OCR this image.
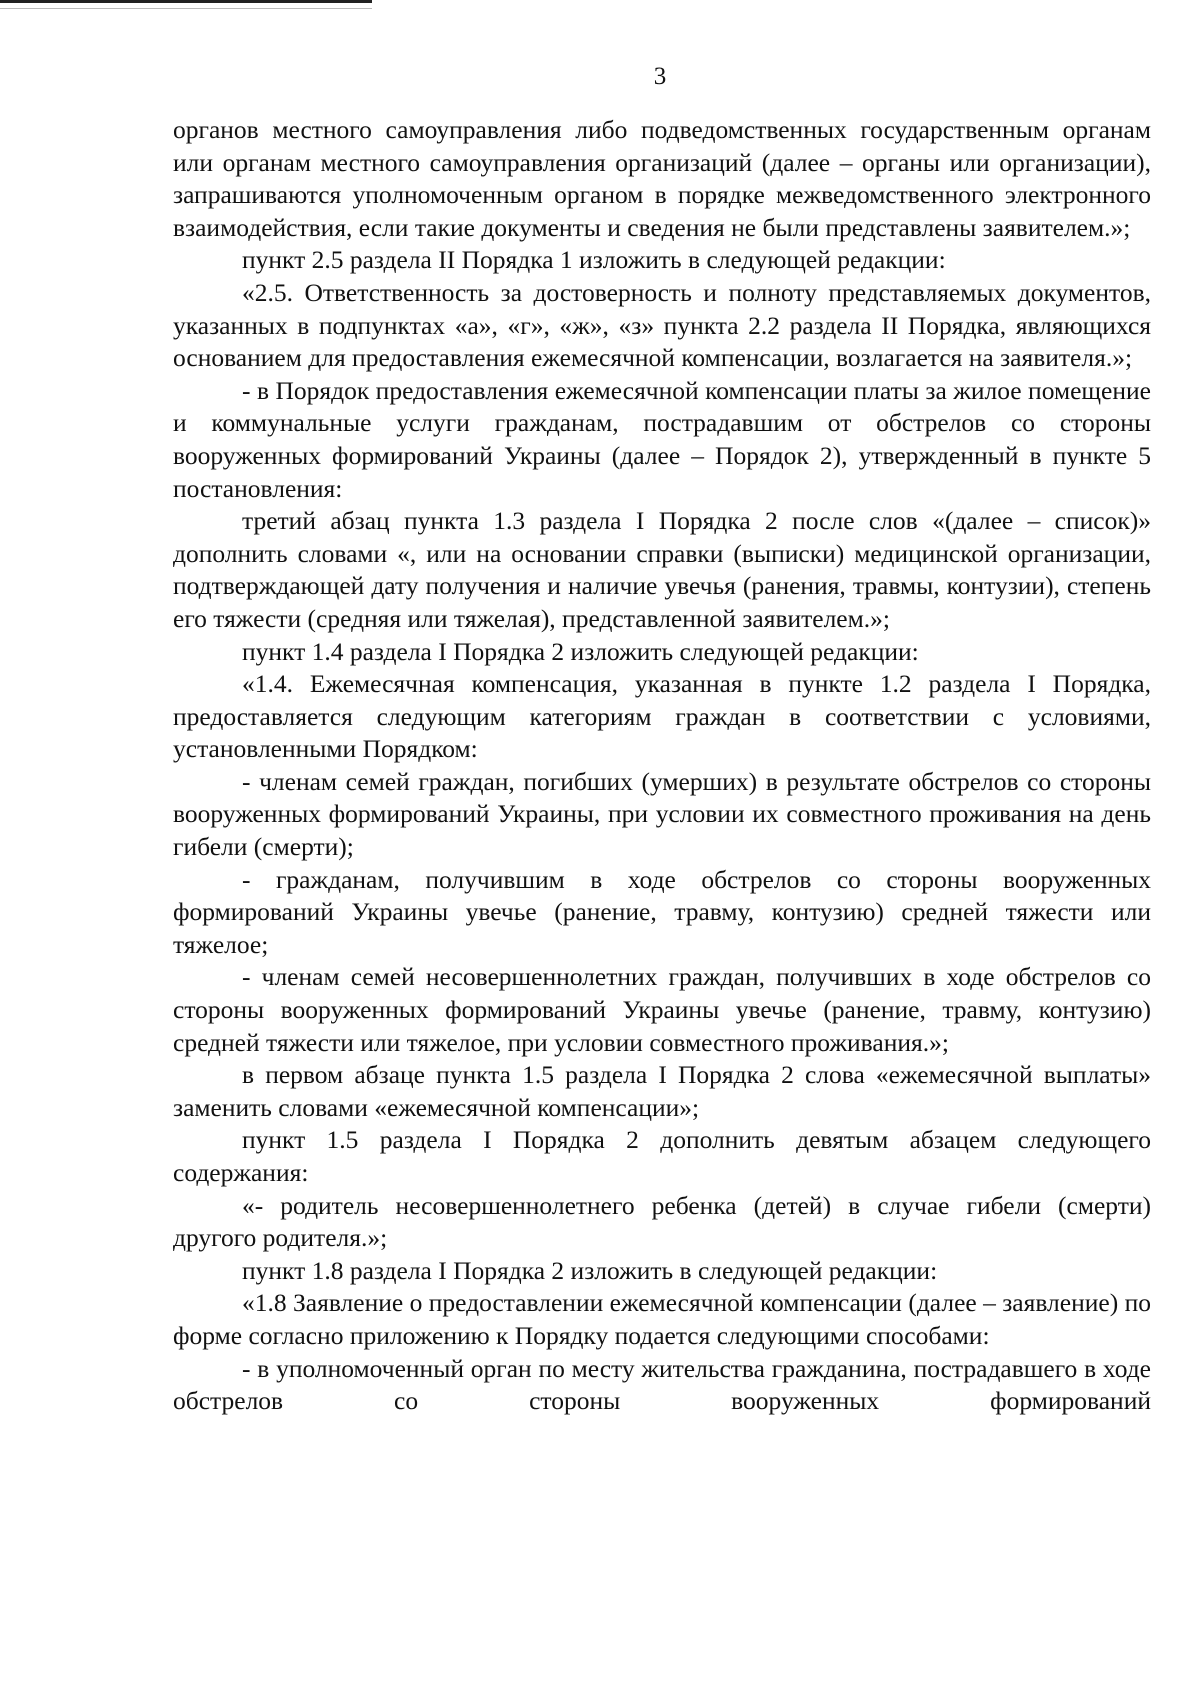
3

органов местного самоуправления либо подведомственных государственным органам или органам местного самоуправления организаций (далее – органы или организации), запрашиваются уполномоченным органом в порядке межведомственного электронного взаимодействия, если такие документы и сведения не были представлены заявителем.»;

пункт 2.5 раздела II Порядка 1 изложить в следующей редакции:

«2.5. Ответственность за достоверность и полноту представляемых документов, указанных в подпунктах «а», «г», «ж», «з» пункта 2.2 раздела II Порядка, являющихся основанием для предоставления ежемесячной компенсации, возлагается на заявителя.»;

- в Порядок предоставления ежемесячной компенсации платы за жилое помещение и коммунальные услуги гражданам, пострадавшим от обстрелов со стороны вооруженных формирований Украины (далее – Порядок 2), утвержденный в пункте 5 постановления:

третий абзац пункта 1.3 раздела I Порядка 2 после слов «(далее – список)» дополнить словами «, или на основании справки (выписки) медицинской организации, подтверждающей дату получения и наличие увечья (ранения, травмы, контузии), степень его тяжести (средняя или тяжелая), представленной заявителем.»;

пункт 1.4 раздела I Порядка 2 изложить следующей редакции:

«1.4. Ежемесячная компенсация, указанная в пункте 1.2 раздела I Порядка, предоставляется следующим категориям граждан в соответствии с условиями, установленными Порядком:

- членам семей граждан, погибших (умерших) в результате обстрелов со стороны вооруженных формирований Украины, при условии их совместного проживания на день гибели (смерти);

- гражданам, получившим в ходе обстрелов со стороны вооруженных формирований Украины увечье (ранение, травму, контузию) средней тяжести или тяжелое;

- членам семей несовершеннолетних граждан, получивших в ходе обстрелов со стороны вооруженных формирований Украины увечье (ранение, травму, контузию) средней тяжести или тяжелое, при условии совместного проживания.»;

в первом абзаце пункта 1.5 раздела I Порядка 2 слова «ежемесячной выплаты» заменить словами «ежемесячной компенсации»;

пункт 1.5 раздела I Порядка 2 дополнить девятым абзацем следующего содержания:

«- родитель несовершеннолетнего ребенка (детей) в случае гибели (смерти) другого родителя.»;

пункт 1.8 раздела I Порядка 2 изложить в следующей редакции:

«1.8 Заявление о предоставлении ежемесячной компенсации (далее – заявление) по форме согласно приложению к Порядку подается следующими способами:

- в уполномоченный орган по месту жительства гражданина, пострадавшего в ходе обстрелов со стороны вооруженных формирований
